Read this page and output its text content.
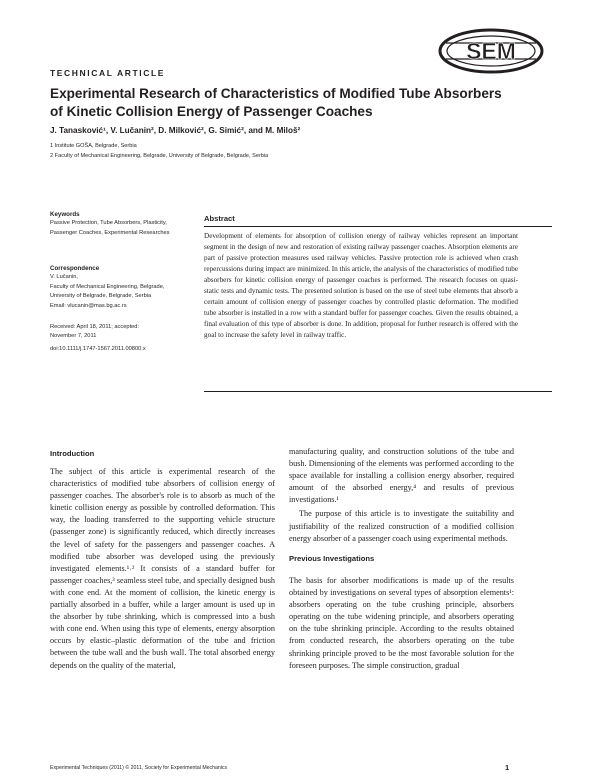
SEM
TECHNICAL ARTICLE
Experimental Research of Characteristics of Modified Tube Absorbers of Kinetic Collision Energy of Passenger Coaches
J. Tanasković¹, V. Lučanin², D. Milković², G. Simić², and M. Miloš²
1 Institute GOŠA, Belgrade, Serbia
2 Faculty of Mechanical Engineering, Belgrade, University of Belgrade, Belgrade, Serbia
Keywords
Passive Protection, Tube Absorbers, Plasticity, Passenger Coaches, Experimental Researches
Correspondence
V. Lučanin,
Faculty of Mechanical Engineering, Belgrade,
University of Belgrade, Belgrade, Serbia
Email: vlucanin@mas.bg.ac.rs
Received: April 18, 2011; accepted:
November 7, 2011
doi:10.1111/j.1747-1567.2011.00800.x
Abstract
Development of elements for absorption of collision energy of railway vehicles represent an important segment in the design of new and restoration of existing railway passenger coaches. Absorption elements are part of passive protection measures used railway vehicles. Passive protection role is achieved when crash repercussions during impact are minimized. In this article, the analysis of the characteristics of modified tube absorbers for kinetic collision energy of passenger coaches is performed. The research focuses on quasi-static tests and dynamic tests. The presented solution is based on the use of steel tube elements that absorb a certain amount of collision energy of passenger coaches by controlled plastic deformation. The modified tube absorber is installed in a row with a standard buffer for passenger coaches. Given the results obtained, a final evaluation of this type of absorber is done. In addition, proposal for further research is offered with the goal to increase the safety level in railway traffic.
Introduction

The subject of this article is experimental research of the characteristics of modified tube absorbers of collision energy of passenger coaches. The absorber's role is to absorb as much of the kinetic collision energy as possible by controlled deformation. This way, the loading transferred to the supporting vehicle structure (passenger zone) is significantly reduced, which directly increases the level of safety for the passengers and passenger coaches. A modified tube absorber was developed using the previously investigated elements.¹˒² It consists of a standard buffer for passenger coaches,³ seamless steel tube, and specially designed bush with cone end. At the moment of collision, the kinetic energy is partially absorbed in a buffer, while a larger amount is used up in the absorber by tube shrinking, which is compressed into a bush with cone end. When using this type of elements, energy absorption occurs by elastic–plastic deformation of the tube and friction between the tube wall and the bush wall. The total absorbed energy depends on the quality of the material,

manufacturing quality, and construction solutions of the tube and bush. Dimensioning of the elements was performed according to the space available for installing a collision energy absorber, required amount of the absorbed energy,⁴ and results of previous investigations.¹

The purpose of this article is to investigate the suitability and justifiability of the realized construction of a modified collision energy absorber of a passenger coach using experimental methods.

Previous Investigations

The basis for absorber modifications is made up of the results obtained by investigations on several types of absorption elements¹: absorbers operating on the tube crushing principle, absorbers operating on the tube widening principle, and absorbers operating on the tube shrinking principle. According to the results obtained from conducted research, the absorbers operating on the tube shrinking principle proved to be the most favorable solution for the foreseen purposes. The simple construction, gradual

Experimental Techniques (2011) © 2011, Society for Experimental Mechanics	1
